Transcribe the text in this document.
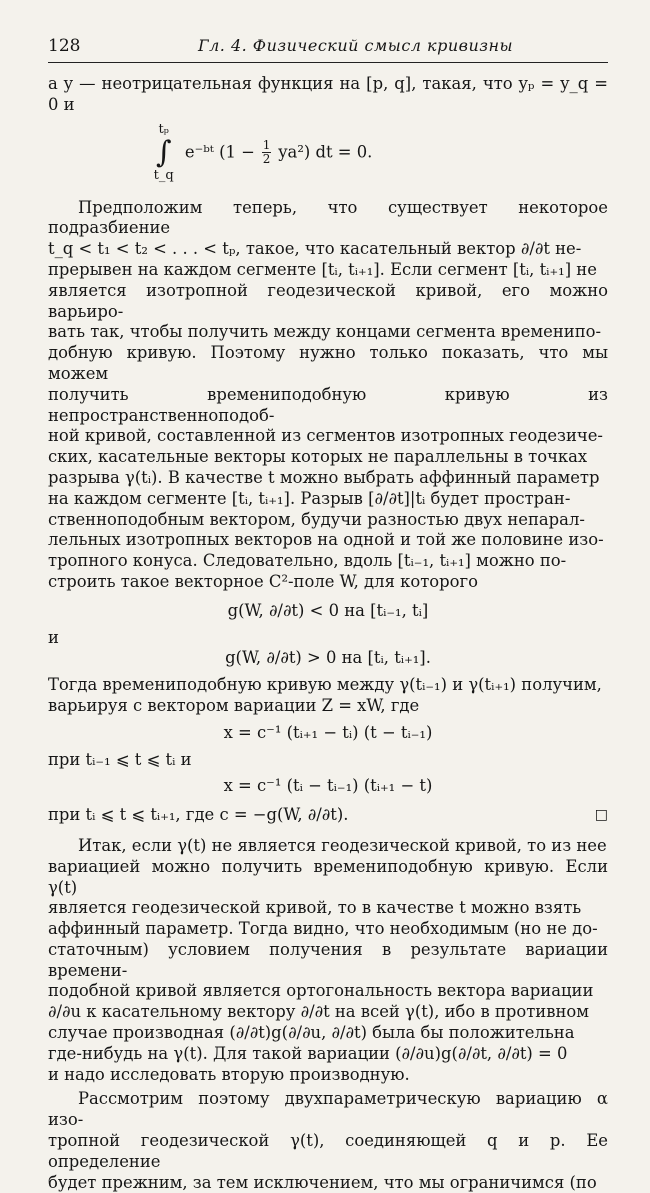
128	Гл. 4. Физический смысл кривизны

а y — неотрицательная функция на [p, q], такая, что yₚ = y_q = 0 и

tₚ
∫
t_q
e⁻ᵇᵗ $(1 - \frac{1}{2} ya^2)$ dt = 0.
Предположим теперь, что существует некоторое подразбиение
t_q < t₁ < t₂ < . . . < tₚ, такое, что касательный вектор ∂/∂t не-
прерывен на каждом сегменте [tᵢ, tᵢ₊₁]. Если сегмент [tᵢ, tᵢ₊₁] не
является изотропной геодезической кривой, его можно варьиро-
вать так, чтобы получить между концами сегмента временипо-
добную кривую. Поэтому нужно только показать, что мы можем
получить времениподобную кривую из непространственноподоб-
ной кривой, составленной из сегментов изотропных геодезиче-
ских, касательные векторы которых не параллельны в точках
разрыва γ(tᵢ). В качестве t можно выбрать аффинный параметр
на каждом сегменте [tᵢ, tᵢ₊₁]. Разрыв [∂/∂t]|tᵢ будет простран-
ственноподобным вектором, будучи разностью двух непарал-
лельных изотропных векторов на одной и той же половине изо-
тропного конуса. Следовательно, вдоль [tᵢ₋₁, tᵢ₊₁] можно по-
строить такое векторное C²-поле W, для которого
g(W, ∂/∂t) < 0 на [tᵢ₋₁, tᵢ]
и
g(W, ∂/∂t) > 0 на [tᵢ, tᵢ₊₁].
Тогда времениподобную кривую между γ(tᵢ₋₁) и γ(tᵢ₊₁) получим,
варьируя с вектором вариации Z = xW, где
x = c⁻¹ (tᵢ₊₁ − tᵢ) (t − tᵢ₋₁)
при tᵢ₋₁ ⩽ t ⩽ tᵢ и
x = c⁻¹ (tᵢ − tᵢ₋₁) (tᵢ₊₁ − t)
при tᵢ ⩽ t ⩽ tᵢ₊₁, где c = −g(W, ∂/∂t).	□
Итак, если γ(t) не является геодезической кривой, то из нее
вариацией можно получить времениподобную кривую. Если γ(t)
является геодезической кривой, то в качестве t можно взять
аффинный параметр. Тогда видно, что необходимым (но не до-
статочным) условием получения в результате вариации времени-
подобной кривой является ортогональность вектора вариации
∂/∂u к касательному вектору ∂/∂t на всей γ(t), ибо в противном
случае производная (∂/∂t)g(∂/∂u, ∂/∂t) была бы положительна
где-нибудь на γ(t). Для такой вариации (∂/∂u)g(∂/∂t, ∂/∂t) = 0
и надо исследовать вторую производную.
Рассмотрим поэтому двухпараметрическую вариацию α изо-
тропной геодезической γ(t), соединяющей q и p. Ее определение
будет прежним, за тем исключением, что мы ограничимся (по
